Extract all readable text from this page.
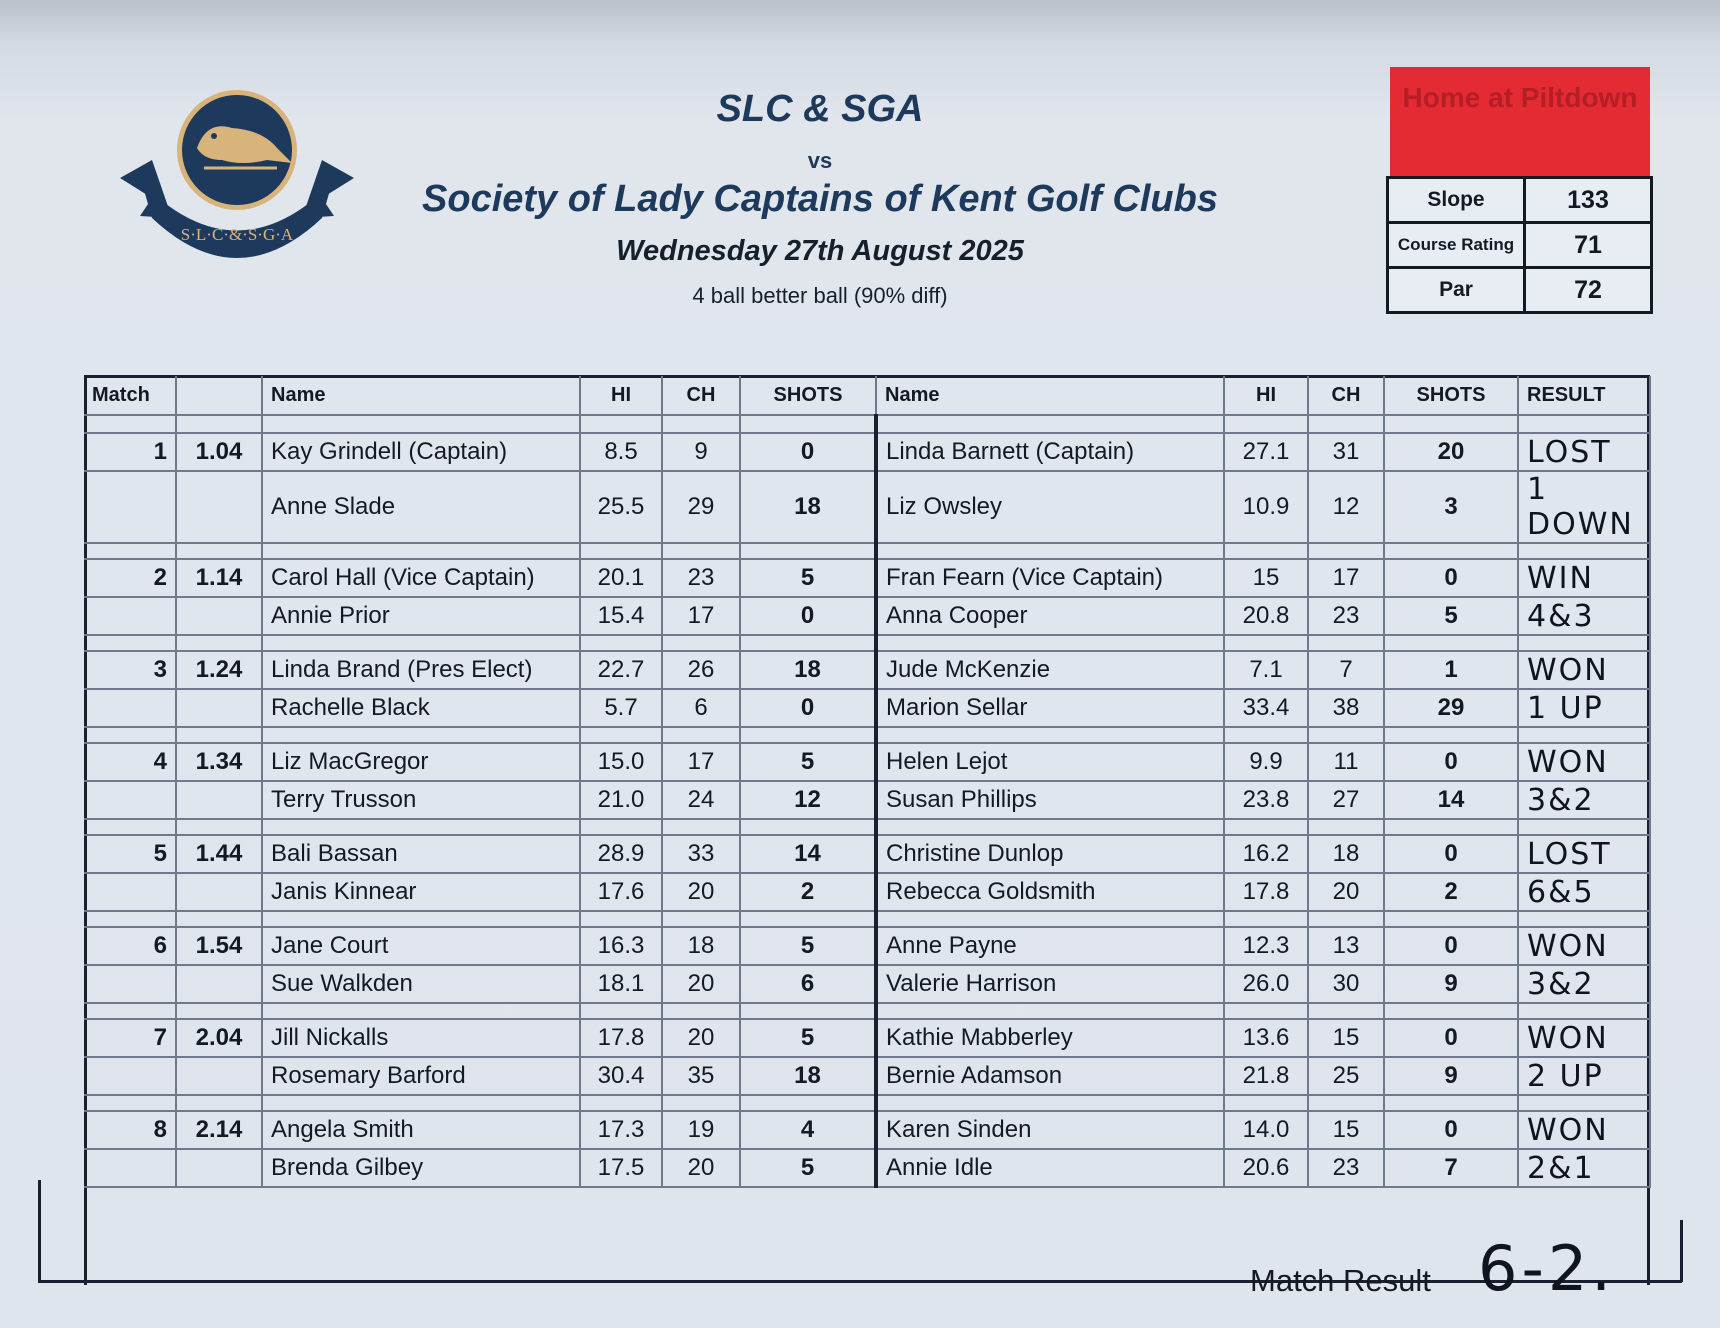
S·L·C·&·S·G·A
SLC & SGA
vs
Society of Lady Captains of Kent Golf Clubs
Wednesday 27th August 2025
4 ball better ball (90% diff)
Home at Piltdown
Slope	133
Course Rating	71
Par	72
Match		Name	HI	CH	SHOTS	Name	HI	CH	SHOTS	RESULT

1	1.04	Kay Grindell (Captain)	8.5	9	0	Linda Barnett (Captain)	27.1	31	20	LOST
		Anne Slade	25.5	29	18	Liz Owsley	10.9	12	3	1 DOWN

2	1.14	Carol Hall (Vice Captain)	20.1	23	5	Fran Fearn (Vice Captain)	15	17	0	WIN
		Annie Prior	15.4	17	0	Anna Cooper	20.8	23	5	4&3

3	1.24	Linda Brand (Pres Elect)	22.7	26	18	Jude McKenzie	7.1	7	1	WON
		Rachelle Black	5.7	6	0	Marion Sellar	33.4	38	29	1 UP

4	1.34	Liz MacGregor	15.0	17	5	Helen Lejot	9.9	11	0	WON
		Terry Trusson	21.0	24	12	Susan Phillips	23.8	27	14	3&2

5	1.44	Bali Bassan	28.9	33	14	Christine Dunlop	16.2	18	0	LOST
		Janis Kinnear	17.6	20	2	Rebecca Goldsmith	17.8	20	2	6&5

6	1.54	Jane Court	16.3	18	5	Anne Payne	12.3	13	0	WON
		Sue Walkden	18.1	20	6	Valerie Harrison	26.0	30	9	3&2

7	2.04	Jill Nickalls	17.8	20	5	Kathie Mabberley	13.6	15	0	WON
		Rosemary Barford	30.4	35	18	Bernie Adamson	21.8	25	9	2 UP

8	2.14	Angela Smith	17.3	19	4	Karen Sinden	14.0	15	0	WON
		Brenda Gilbey	17.5	20	5	Annie Idle	20.6	23	7	2&1
Match Result 6-2.
